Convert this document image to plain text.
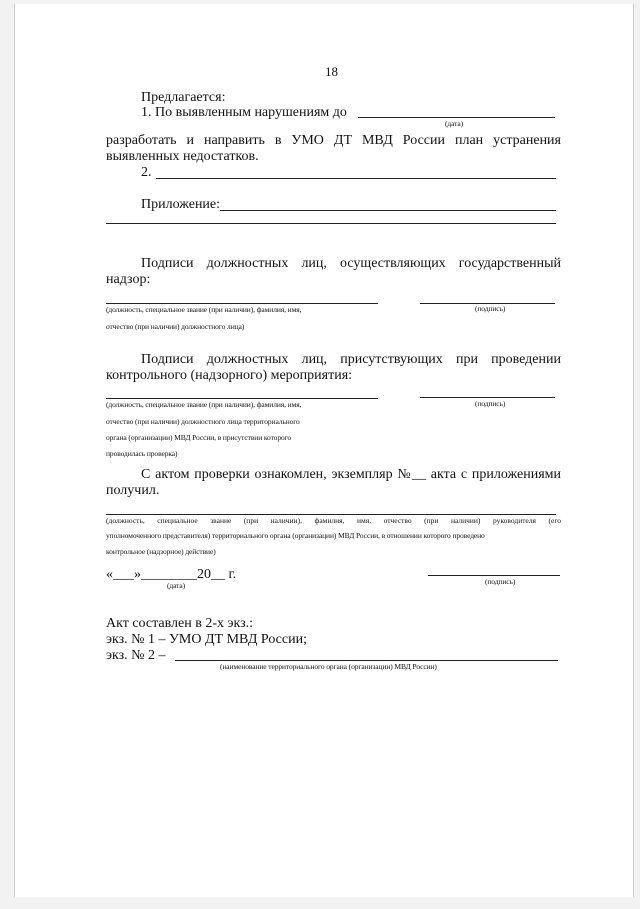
18
Предлагается:
1. По выявленным нарушениям до
(дата)
разработать и направить в УМО ДТ МВД России план устранения
выявленных недостатков.
2.
Приложение:
Подписи должностных лиц, осуществляющих государственный
надзор:
(должность, специальное звание (при наличии), фамилия, имя,	(подпись)
отчество (при наличии) должностного лица)
Подписи должностных лиц, присутствующих при проведении
контрольного (надзорного) мероприятия:
(должность, специальное звание (при наличии), фамилия, имя,	(подпись)
отчество (при наличии) должностного лица территориального
органа (организации) МВД России, в присутствии которого
проводилась проверка)
С актом проверки ознакомлен, экземпляр №__ акта с приложениями
получил.
(должность, специальное звание (при наличии), фамилия, имя, отчество (при наличии) руководителя (его
уполномоченного представителя) территориального органа (организации) МВД России, в отношении которого проведено
контрольное (надзорное) действие)
«___»________20__ г.
(дата)	(подпись)
Акт составлен в 2-х экз.:
экз. № 1 – УМО ДТ МВД России;
экз. № 2 –
(наименование территориального органа (организации) МВД России)
